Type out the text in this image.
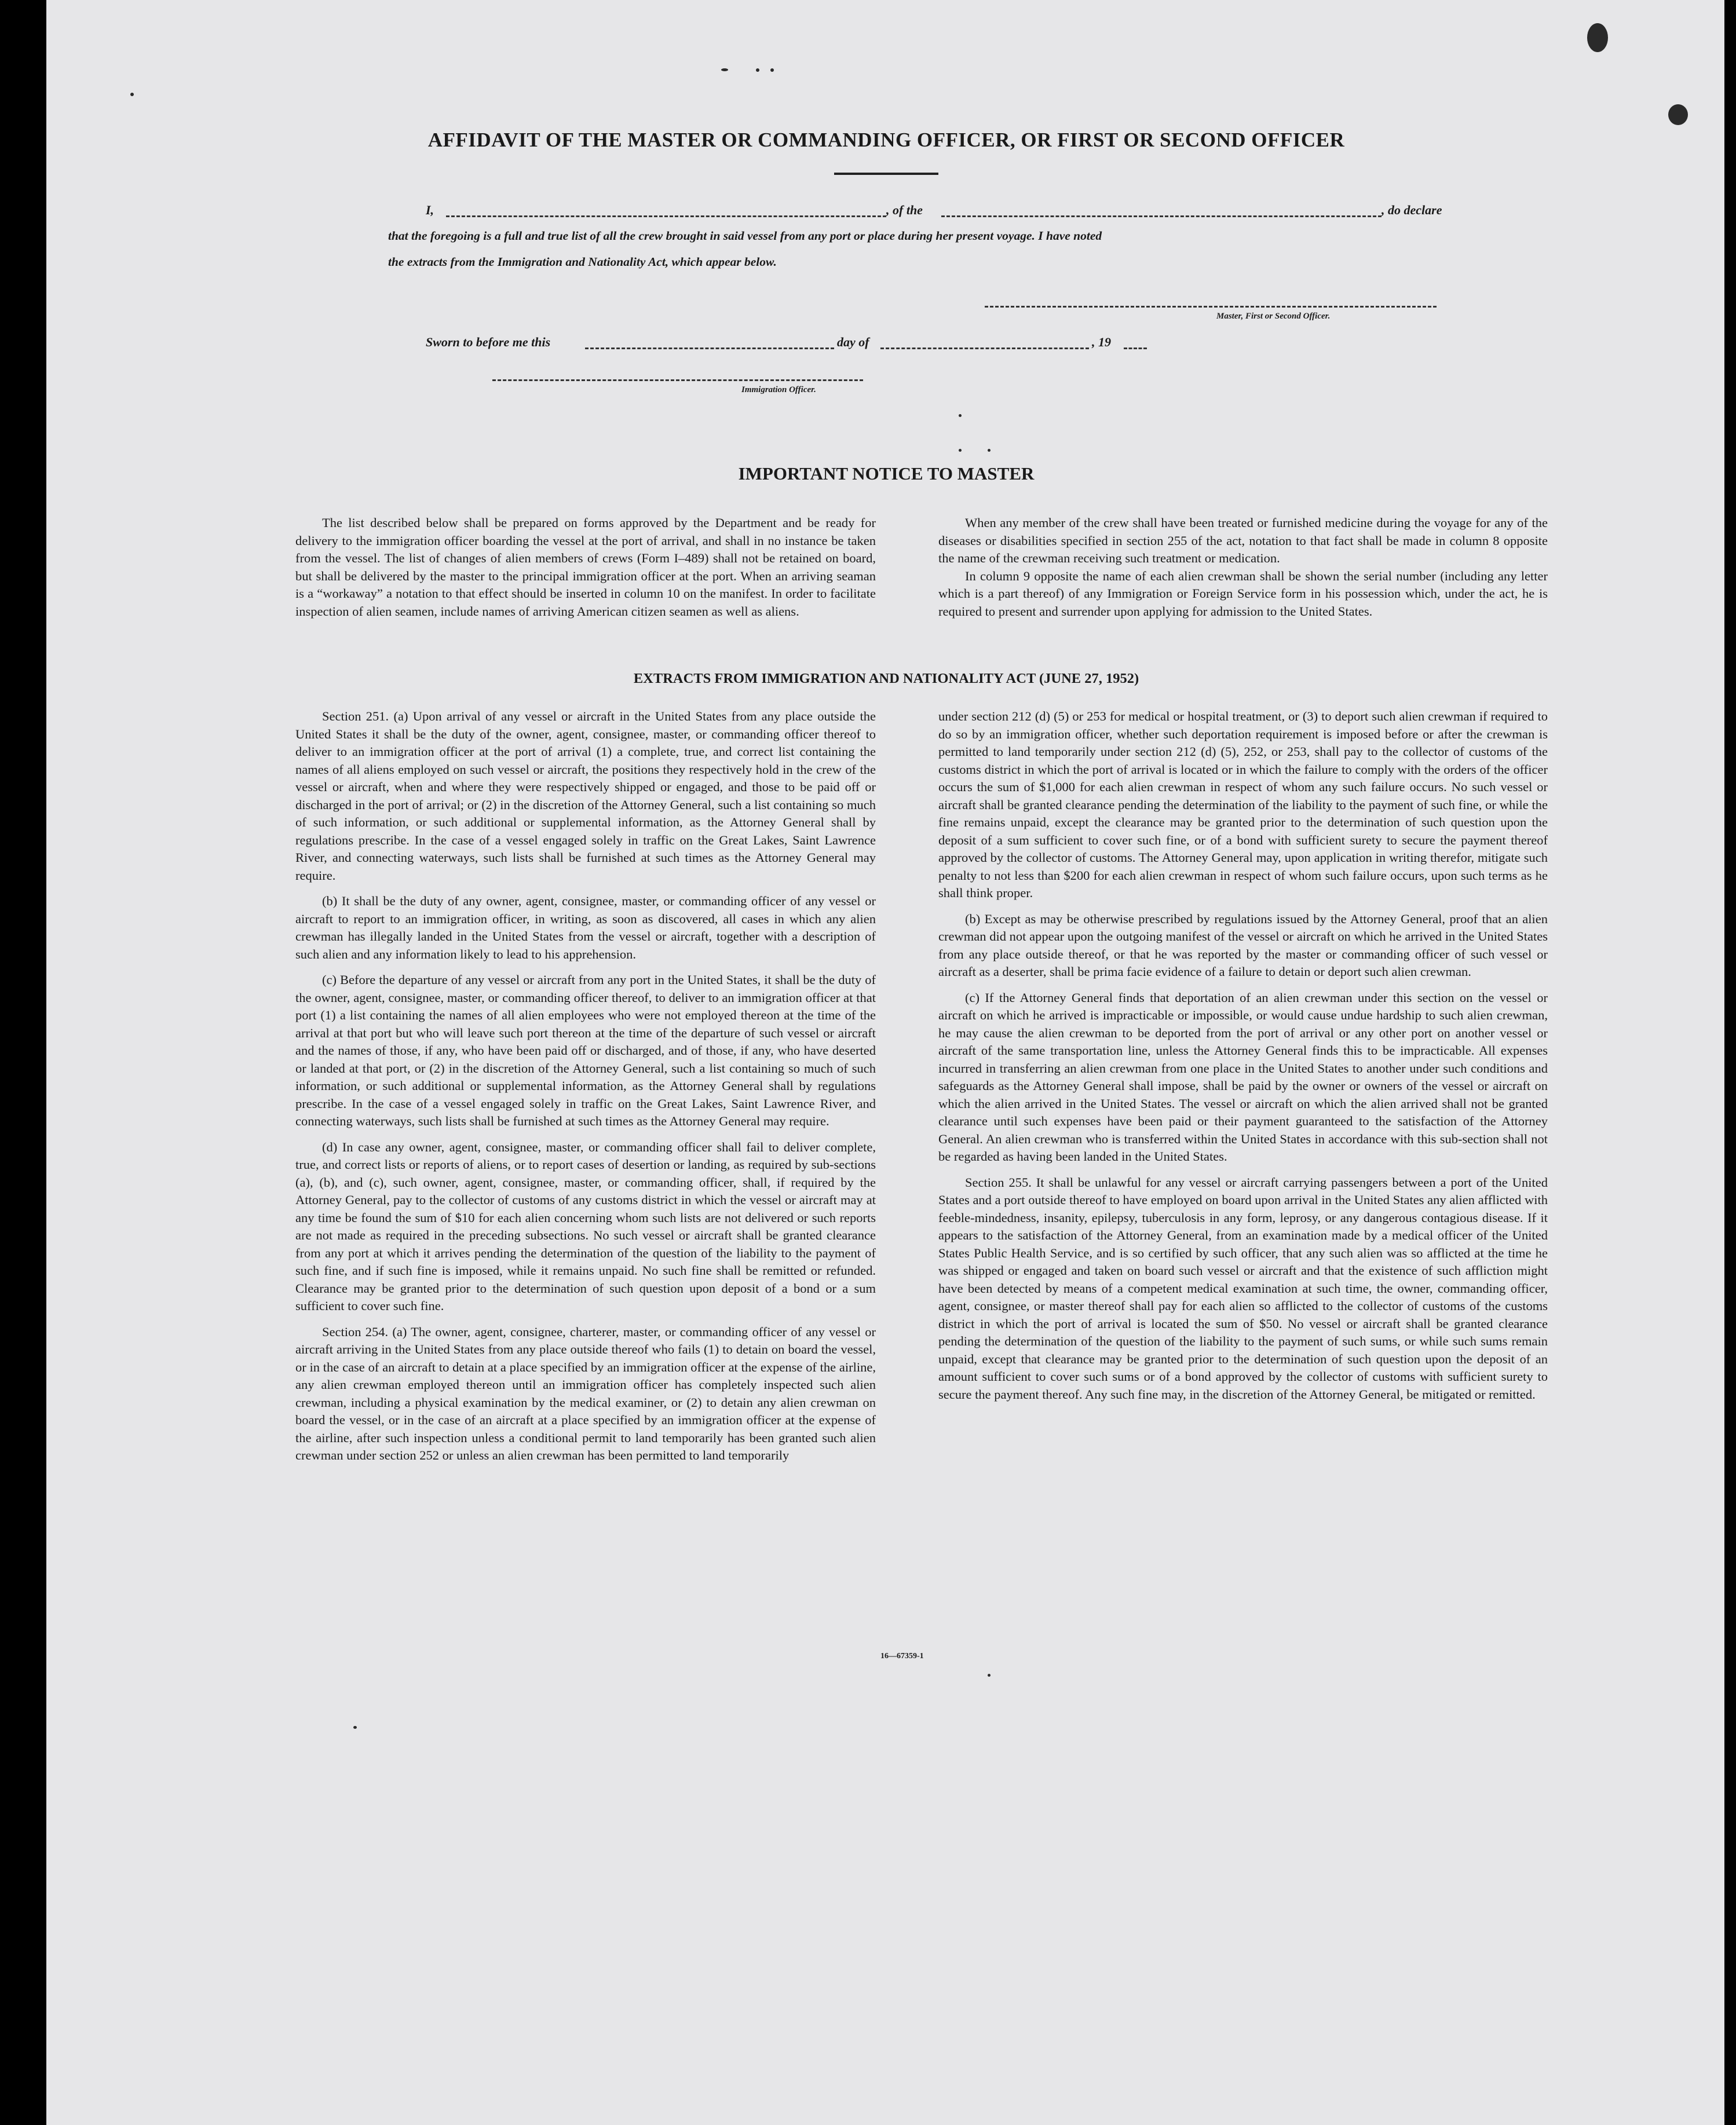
AFFIDAVIT OF THE MASTER OR COMMANDING OFFICER, OR FIRST OR SECOND OFFICER
I,	, of the	, do declare
that the foregoing is a full and true list of all the crew brought in said vessel from any port or place during her present voyage. I have noted
the extracts from the Immigration and Nationality Act, which appear below.
Master, First or Second Officer.
Sworn to before me this	day of	, 19
Immigration Officer.
IMPORTANT NOTICE TO MASTER

The list described below shall be prepared on forms approved by the Department and be ready for delivery to the immigration officer boarding the vessel at the port of arrival, and shall in no instance be taken from the vessel. The list of changes of alien members of crews (Form I–489) shall not be retained on board, but shall be delivered by the master to the principal immigration officer at the port. When an arriving seaman is a “workaway” a notation to that effect should be inserted in column 10 on the manifest. In order to facilitate inspection of alien seamen, include names of arriving American citizen seamen as well as aliens.

When any member of the crew shall have been treated or furnished medicine during the voyage for any of the diseases or disabilities specified in section 255 of the act, notation to that fact shall be made in column 8 opposite the name of the crewman receiving such treatment or medication.

In column 9 opposite the name of each alien crewman shall be shown the serial number (including any letter which is a part thereof) of any Immigration or Foreign Service form in his possession which, under the act, he is required to present and surrender upon applying for admission to the United States.

EXTRACTS FROM IMMIGRATION AND NATIONALITY ACT (JUNE 27, 1952)

Section 251. (a) Upon arrival of any vessel or aircraft in the United States from any place outside the United States it shall be the duty of the owner, agent, consignee, master, or commanding officer thereof to deliver to an immigration officer at the port of arrival (1) a complete, true, and correct list containing the names of all aliens employed on such vessel or aircraft, the positions they respectively hold in the crew of the vessel or aircraft, when and where they were respectively shipped or engaged, and those to be paid off or discharged in the port of arrival; or (2) in the discretion of the Attorney General, such a list containing so much of such information, or such additional or supplemental information, as the Attorney General shall by regulations prescribe. In the case of a vessel engaged solely in traffic on the Great Lakes, Saint Lawrence River, and connecting waterways, such lists shall be furnished at such times as the Attorney General may require.

(b) It shall be the duty of any owner, agent, consignee, master, or commanding officer of any vessel or aircraft to report to an immigration officer, in writing, as soon as discovered, all cases in which any alien crewman has illegally landed in the United States from the vessel or aircraft, together with a description of such alien and any information likely to lead to his apprehension.

(c) Before the departure of any vessel or aircraft from any port in the United States, it shall be the duty of the owner, agent, consignee, master, or commanding officer thereof, to deliver to an immigration officer at that port (1) a list containing the names of all alien employees who were not employed thereon at the time of the arrival at that port but who will leave such port thereon at the time of the departure of such vessel or aircraft and the names of those, if any, who have been paid off or discharged, and of those, if any, who have deserted or landed at that port, or (2) in the discretion of the Attorney General, such a list containing so much of such information, or such additional or supplemental information, as the Attorney General shall by regulations prescribe. In the case of a vessel engaged solely in traffic on the Great Lakes, Saint Lawrence River, and connecting waterways, such lists shall be furnished at such times as the Attorney General may require.

(d) In case any owner, agent, consignee, master, or commanding officer shall fail to deliver complete, true, and correct lists or reports of aliens, or to report cases of desertion or landing, as required by sub-sections (a), (b), and (c), such owner, agent, consignee, master, or commanding officer, shall, if required by the Attorney General, pay to the collector of customs of any customs district in which the vessel or aircraft may at any time be found the sum of $10 for each alien concerning whom such lists are not delivered or such reports are not made as required in the preceding subsections. No such vessel or aircraft shall be granted clearance from any port at which it arrives pending the determination of the question of the liability to the payment of such fine, and if such fine is imposed, while it remains unpaid. No such fine shall be remitted or refunded. Clearance may be granted prior to the determination of such question upon deposit of a bond or a sum sufficient to cover such fine.

Section 254. (a) The owner, agent, consignee, charterer, master, or commanding officer of any vessel or aircraft arriving in the United States from any place outside thereof who fails (1) to detain on board the vessel, or in the case of an aircraft to detain at a place specified by an immigration officer at the expense of the airline, any alien crewman employed thereon until an immigration officer has completely inspected such alien crewman, including a physical examination by the medical examiner, or (2) to detain any alien crewman on board the vessel, or in the case of an aircraft at a place specified by an immigration officer at the expense of the airline, after such inspection unless a conditional permit to land temporarily has been granted such alien crewman under section 252 or unless an alien crewman has been permitted to land temporarily

under section 212 (d) (5) or 253 for medical or hospital treatment, or (3) to deport such alien crewman if required to do so by an immigration officer, whether such deportation requirement is imposed before or after the crewman is permitted to land temporarily under section 212 (d) (5), 252, or 253, shall pay to the collector of customs of the customs district in which the port of arrival is located or in which the failure to comply with the orders of the officer occurs the sum of $1,000 for each alien crewman in respect of whom any such failure occurs. No such vessel or aircraft shall be granted clearance pending the determination of the liability to the payment of such fine, or while the fine remains unpaid, except the clearance may be granted prior to the determination of such question upon the deposit of a sum sufficient to cover such fine, or of a bond with sufficient surety to secure the payment thereof approved by the collector of customs. The Attorney General may, upon application in writing therefor, mitigate such penalty to not less than $200 for each alien crewman in respect of whom such failure occurs, upon such terms as he shall think proper.

(b) Except as may be otherwise prescribed by regulations issued by the Attorney General, proof that an alien crewman did not appear upon the outgoing manifest of the vessel or aircraft on which he arrived in the United States from any place outside thereof, or that he was reported by the master or commanding officer of such vessel or aircraft as a deserter, shall be prima facie evidence of a failure to detain or deport such alien crewman.

(c) If the Attorney General finds that deportation of an alien crewman under this section on the vessel or aircraft on which he arrived is impracticable or impossible, or would cause undue hardship to such alien crewman, he may cause the alien crewman to be deported from the port of arrival or any other port on another vessel or aircraft of the same transportation line, unless the Attorney General finds this to be impracticable. All expenses incurred in transferring an alien crewman from one place in the United States to another under such conditions and safeguards as the Attorney General shall impose, shall be paid by the owner or owners of the vessel or aircraft on which the alien arrived in the United States. The vessel or aircraft on which the alien arrived shall not be granted clearance until such expenses have been paid or their payment guaranteed to the satisfaction of the Attorney General. An alien crewman who is transferred within the United States in accordance with this sub-section shall not be regarded as having been landed in the United States.

Section 255. It shall be unlawful for any vessel or aircraft carrying passengers between a port of the United States and a port outside thereof to have employed on board upon arrival in the United States any alien afflicted with feeble-mindedness, insanity, epilepsy, tuberculosis in any form, leprosy, or any dangerous contagious disease. If it appears to the satisfaction of the Attorney General, from an examination made by a medical officer of the United States Public Health Service, and is so certified by such officer, that any such alien was so afflicted at the time he was shipped or engaged and taken on board such vessel or aircraft and that the existence of such affliction might have been detected by means of a competent medical examination at such time, the owner, commanding officer, agent, consignee, or master thereof shall pay for each alien so afflicted to the collector of customs of the customs district in which the port of arrival is located the sum of $50. No vessel or aircraft shall be granted clearance pending the determination of the question of the liability to the payment of such sums, or while such sums remain unpaid, except that clearance may be granted prior to the determination of such question upon the deposit of an amount sufficient to cover such sums or of a bond approved by the collector of customs with sufficient surety to secure the payment thereof. Any such fine may, in the discretion of the Attorney General, be mitigated or remitted.

16—67359-1
